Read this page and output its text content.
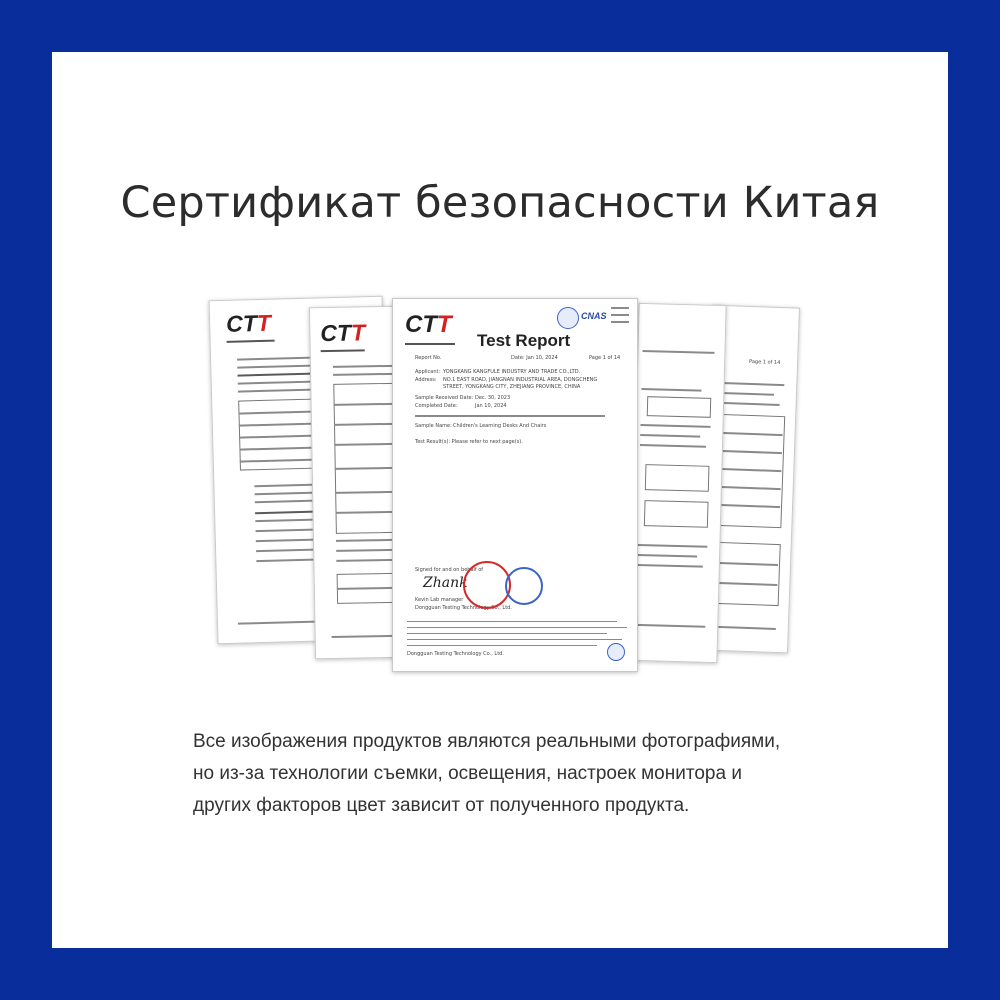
Сертификат безопасности Китая
CTT CTT
Page 1 of 14
CTT	CNAS
Test Report
Report No.	Date: Jan 10, 2024	Page 1 of 14
Applicant: YONGKANG KANGFULE INDUSTRY AND TRADE CO.,LTD.
Address: NO.1 EAST ROAD, JIANGNAN INDUSTRIAL AREA, DONGCHENG STREET, YONGKANG CITY, ZHEJIANG PROVINCE, CHINA
Sample Received Date: Dec. 30, 2023
Completed Date:	Jan 10, 2024
Sample Name: Children's Learning Desks And Chairs
Test Result(s): Please refer to next page(s).
Signed for and on behalf of
Zhank
Kevin Lab manager
Dongguan Testing Technology Co., Ltd.
Dongguan Testing Technology Co., Ltd.
Все изображения продуктов являются реальными фотографиями,
но из-за технологии съемки, освещения, настроек монитора и
других факторов цвет зависит от полученного продукта.
